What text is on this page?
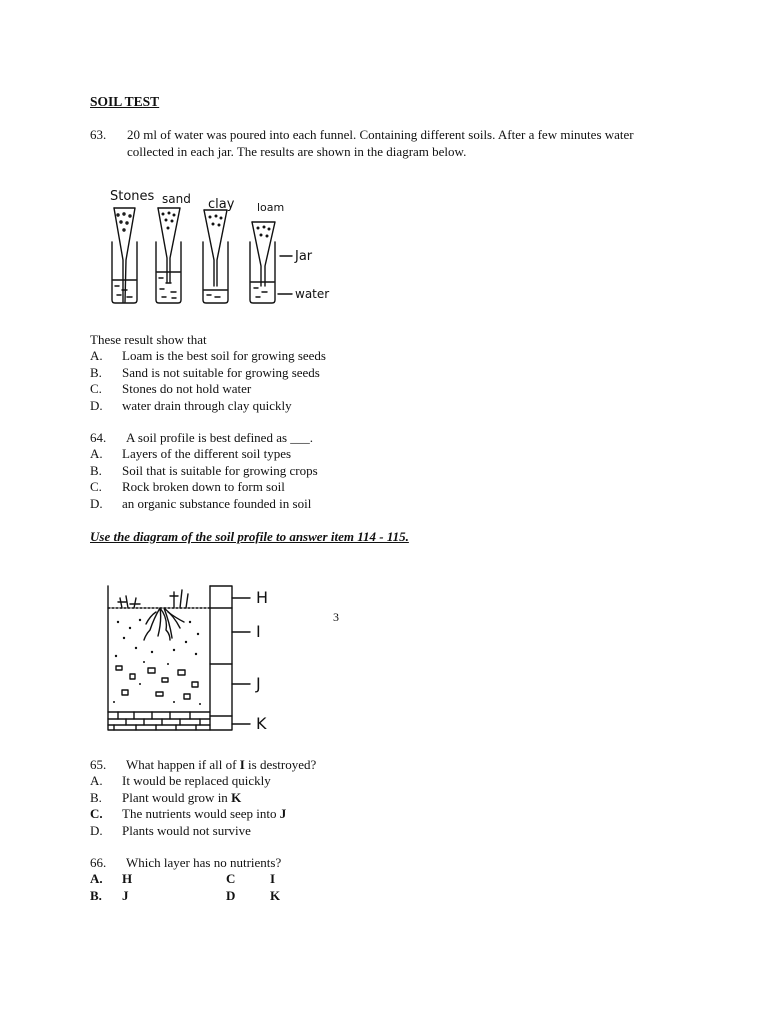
SOIL TEST
63. 20 ml of water was poured into each funnel. Containing different soils. After a few minutes water
collected in each jar. The results are shown in the diagram below.
Stones sand clay loam
Jar
water
These result show that
A. Loam is the best soil for growing seeds
B. Sand is not suitable for growing seeds
C. Stones do not hold water
D. water drain through clay quickly
64. A soil profile is best defined as ___.
A. Layers of the different soil types
B. Soil that is suitable for growing crops
C. Rock broken down to form soil
D. an organic substance founded in soil
Use the diagram of the soil profile to answer item 114 - 115.
H
I
J
K
3
65. What happen if all of I is destroyed?
A. It would be replaced quickly
B. Plant would grow in K
C. The nutrients would seep into J
D. Plants would not survive
66. Which layer has no nutrients?
A. H	C	I
B. J	D	K
